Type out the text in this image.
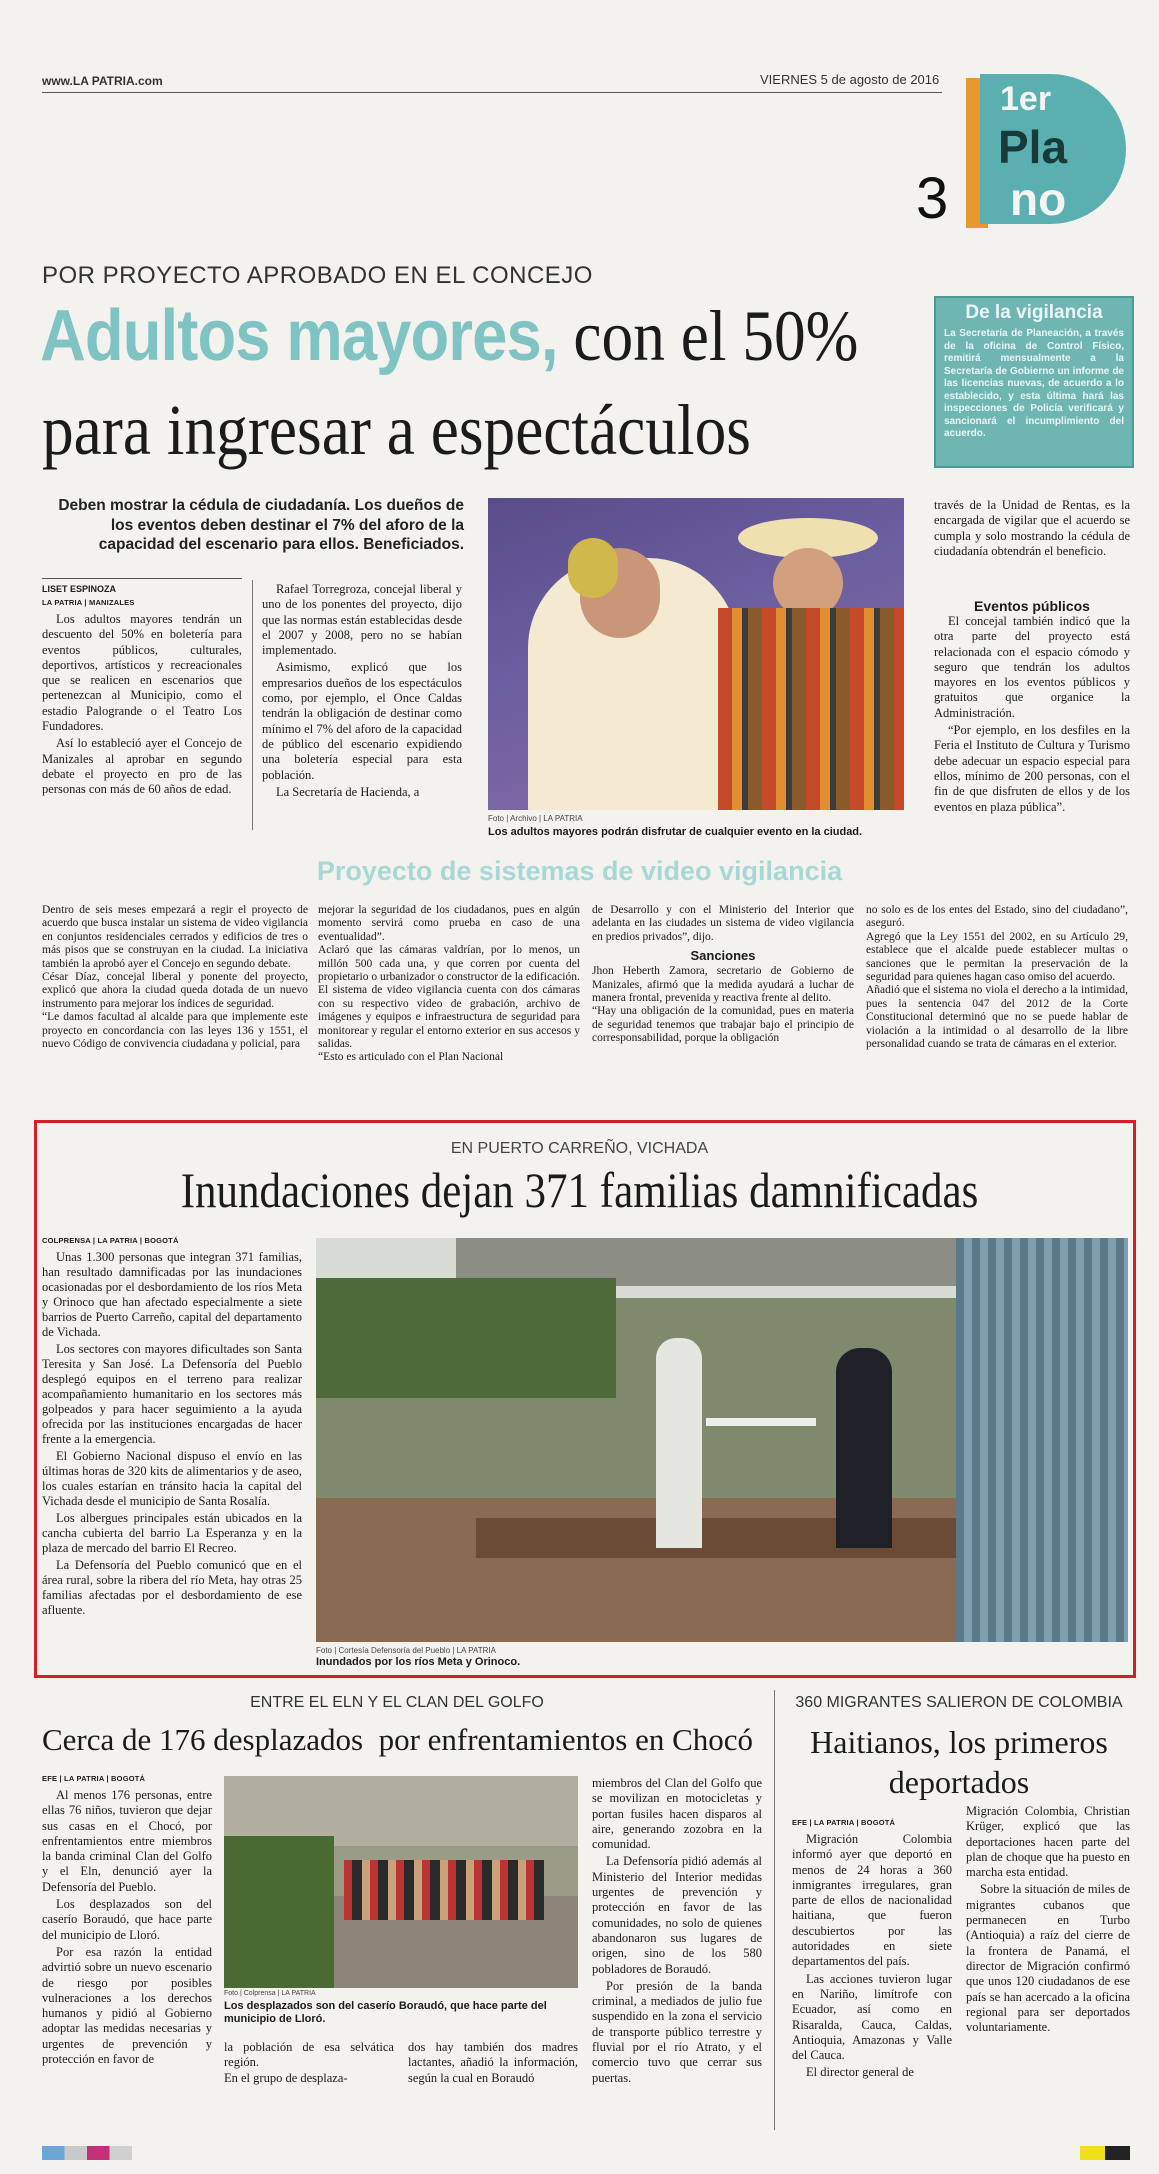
www.LA PATRIA.com	VIERNES 5 de agosto de 2016
3
1er
Pla
no
POR PROYECTO APROBADO EN EL CONCEJO
Adultos mayores, con el 50%
para ingresar a espectáculos
Deben mostrar la cédula de ciudadanía. Los dueños de los eventos deben destinar el 7% del aforo de la capacidad del escenario para ellos. Beneficiados.
LISET ESPINOZA
LA PATRIA | MANIZALES

Los adultos mayores tendrán un descuento del 50% en boletería para eventos públicos, culturales, deportivos, artísticos y recreacionales que se realicen en escenarios que pertenezcan al Municipio, como el estadio Palogrande o el Teatro Los Fundadores.

Así lo estableció ayer el Concejo de Manizales al aprobar en segundo debate el proyecto en pro de las personas con más de 60 años de edad.

Rafael Torregroza, concejal liberal y uno de los ponentes del proyecto, dijo que las normas están establecidas desde el 2007 y 2008, pero no se habían implementado.

Asimismo, explicó que los empresarios dueños de los espectáculos como, por ejemplo, el Once Caldas tendrán la obligación de destinar como mínimo el 7% del aforo de la capacidad de público del escenario expidiendo una boletería especial para esta población.

La Secretaría de Hacienda, a

Foto | Archivo | LA PATRIA
Los adultos mayores podrán disfrutar de cualquier evento en la ciudad.
través de la Unidad de Rentas, es la encargada de vigilar que el acuerdo se cumpla y solo mostrando la cédula de ciudadanía obtendrán el beneficio.
Eventos públicos

El concejal también indicó que la otra parte del proyecto está relacionada con el espacio cómodo y seguro que tendrán los adultos mayores en los eventos públicos y gratuitos que organice la Administración.

“Por ejemplo, en los desfiles en la Feria el Instituto de Cultura y Turismo debe adecuar un espacio especial para ellos, mínimo de 200 personas, con el fin de que disfruten de ellos y de los eventos en plaza pública”.

De la vigilancia
La Secretaría de Planeación, a través de la oficina de Control Físico, remitirá mensualmente a la Secretaría de Gobierno un informe de las licencias nuevas, de acuerdo a lo establecido, y esta última hará las inspecciones de Policía verificará y sancionará el incumplimiento del acuerdo.
Proyecto de sistemas de video vigilancia
Dentro de seis meses empezará a regir el proyecto de acuerdo que busca instalar un sistema de video vigilancia en conjuntos residenciales cerrados y edificios de tres o más pisos que se construyan en la ciudad. La iniciativa también la aprobó ayer el Concejo en segundo debate.
César Díaz, concejal liberal y ponente del proyecto, explicó que ahora la ciudad queda dotada de un nuevo instrumento para mejorar los índices de seguridad.
“Le damos facultad al alcalde para que implemente este proyecto en concordancia con las leyes 136 y 1551, el nuevo Código de convivencia ciudadana y policial, para
mejorar la seguridad de los ciudadanos, pues en algún momento servirá como prueba en caso de una eventualidad”.
Aclaró que las cámaras valdrían, por lo menos, un millón 500 cada una, y que corren por cuenta del propietario o urbanizador o constructor de la edificación.
El sistema de video vigilancia cuenta con dos cámaras con su respectivo video de grabación, archivo de imágenes y equipos e infraestructura de seguridad para monitorear y regular el entorno exterior en sus accesos y salidas.
“Esto es articulado con el Plan Nacional
de Desarrollo y con el Ministerio del Interior que adelanta en las ciudades un sistema de video vigilancia en predios privados”, dijo.
Sanciones
Jhon Heberth Zamora, secretario de Gobierno de Manizales, afirmó que la medida ayudará a luchar de manera frontal, prevenida y reactiva frente al delito.
“Hay una obligación de la comunidad, pues en materia de seguridad tenemos que trabajar bajo el principio de corresponsabilidad, porque la obligación
no solo es de los entes del Estado, sino del ciudadano”, aseguró.
Agregó que la Ley 1551 del 2002, en su Artículo 29, establece que el alcalde puede establecer multas o sanciones que le permitan la preservación de la seguridad para quienes hagan caso omiso del acuerdo.
Añadió que el sistema no viola el derecho a la intimidad, pues la sentencia 047 del 2012 de la Corte Constitucional determinó que no se puede hablar de violación a la intimidad o al desarrollo de la libre personalidad cuando se trata de cámaras en el exterior.
EN PUERTO CARREÑO, VICHADA
Inundaciones dejan 371 familias damnificadas
COLPRENSA | LA PATRIA | BOGOTÁ

Unas 1.300 personas que integran 371 familias, han resultado damnificadas por las inundaciones ocasionadas por el desbordamiento de los ríos Meta y Orinoco que han afectado especialmente a siete barrios de Puerto Carreño, capital del departamento de Vichada.

Los sectores con mayores dificultades son Santa Teresita y San José. La Defensoría del Pueblo desplegó equipos en el terreno para realizar acompañamiento humanitario en los sectores más golpeados y para hacer seguimiento a la ayuda ofrecida por las instituciones encargadas de hacer frente a la emergencia.

El Gobierno Nacional dispuso el envío en las últimas horas de 320 kits de alimentarios y de aseo, los cuales estarían en tránsito hacia la capital del Vichada desde el municipio de Santa Rosalía.

Los albergues principales están ubicados en la cancha cubierta del barrio La Esperanza y en la plaza de mercado del barrio El Recreo.

La Defensoría del Pueblo comunicó que en el área rural, sobre la ribera del río Meta, hay otras 25 familias afectadas por el desbordamiento de ese afluente.

Foto | Cortesía Defensoría del Pueblo | LA PATRIA
Inundados por los ríos Meta y Orinoco.
ENTRE EL ELN Y EL CLAN DEL GOLFO
Cerca de 176 desplazados  por enfrentamientos en Chocó
EFE | LA PATRIA | BOGOTÁ

Al menos 176 personas, entre ellas 76 niños, tuvieron que dejar sus casas en el Chocó, por enfrentamientos entre miembros la banda criminal Clan del Golfo y el Eln, denunció ayer la Defensoría del Pueblo.

Los desplazados son del caserío Boraudó, que hace parte del municipio de Lloró.

Por esa razón la entidad advirtió sobre un nuevo escenario de riesgo por posibles vulneraciones a los derechos humanos y pidió al Gobierno adoptar las medidas necesarias y urgentes de prevención y protección en favor de

Foto | Colprensa | LA PATRIA
Los desplazados son del caserío Boraudó, que hace parte del municipio de Lloró.
la población de esa selvática región.
En el grupo de desplaza-
dos hay también dos madres lactantes, añadió la información, según la cual en Boraudó

miembros del Clan del Golfo que se movilizan en motocicletas y portan fusiles hacen disparos al aire, generando zozobra en la comunidad.

La Defensoría pidió además al Ministerio del Interior medidas urgentes de prevención y protección en favor de las comunidades, no solo de quienes abandonaron sus lugares de origen, sino de los 580 pobladores de Boraudó.

Por presión de la banda criminal, a mediados de julio fue suspendido en la zona el servicio de transporte público terrestre y fluvial por el río Atrato, y el comercio tuvo que cerrar sus puertas.

360 MIGRANTES SALIERON DE COLOMBIA
Haitianos, los primeros deportados
EFE | LA PATRIA | BOGOTÁ

Migración Colombia informó ayer que deportó en menos de 24 horas a 360 inmigrantes irregulares, gran parte de ellos de nacionalidad haitiana, que fueron descubiertos por las autoridades en siete departamentos del país.

Las acciones tuvieron lugar en Nariño, limítrofe con Ecuador, así como en Risaralda, Cauca, Caldas, Antioquia, Amazonas y Valle del Cauca.

El director general de

Migración Colombia, Christian Krüger, explicó que las deportaciones hacen parte del plan de choque que ha puesto en marcha esta entidad.

Sobre la situación de miles de migrantes cubanos que permanecen en Turbo (Antioquia) a raíz del cierre de la frontera de Panamá, el director de Migración confirmó que unos 120 ciudadanos de ese país se han acercado a la oficina regional para ser deportados voluntariamente.
